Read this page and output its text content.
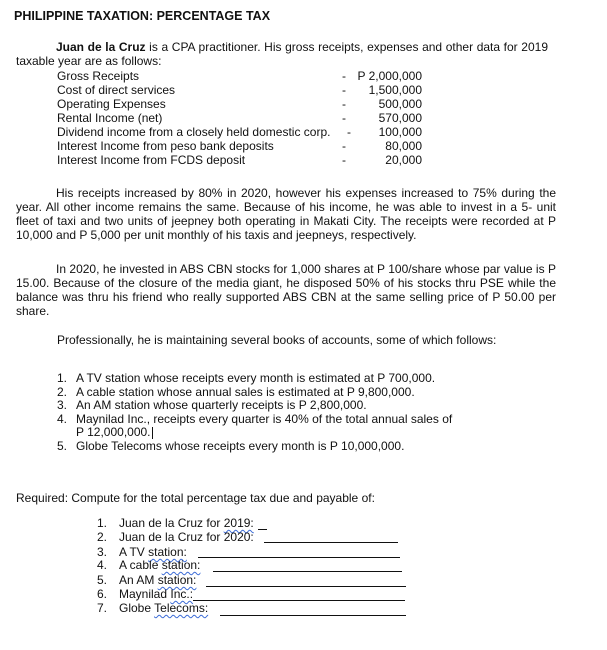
PHILIPPINE TAXATION: PERCENTAGE TAX
Juan de la Cruz is a CPA practitioner. His gross receipts, expenses and other data for 2019 taxable year are as follows:
Gross Receipts	- P 2,000,000
Cost of direct services	-	1,500,000
Operating Expenses	-	500,000
Rental Income (net)	-	570,000
Dividend income from a closely held domestic corp. -	100,000
Interest Income from peso bank deposits	-	80,000
Interest Income from FCDS deposit	-	20,000
His receipts increased by 80% in 2020, however his expenses increased to 75% during the year. All other income remains the same. Because of his income, he was able to invest in a 5- unit fleet of taxi and two units of jeepney both operating in Makati City. The receipts were recorded at P 10,000 and P 5,000 per unit monthly of his taxis and jeepneys, respectively.
In 2020, he invested in ABS CBN stocks for 1,000 shares at P 100/share whose par value is P 15.00. Because of the closure of the media giant, he disposed 50% of his stocks thru PSE while the balance was thru his friend who really supported ABS CBN at the same selling price of P 50.00 per share.
Professionally, he is maintaining several books of accounts, some of which follows:
1. A TV station whose receipts every month is estimated at P 700,000.
2. A cable station whose annual sales is estimated at P 9,800,000.
3. An AM station whose quarterly receipts is P 2,800,000.
4. Maynilad Inc., receipts every quarter is 40% of the total annual sales of
P 12,000,000.
5. Globe Telecoms whose receipts every month is P 10,000,000.
Required: Compute for the total percentage tax due and payable of:
1. Juan de la Cruz for 2019:
2. Juan de la Cruz for 2020:
3. A TV station:
4. A cable station:
5. An AM station:
6. Maynilad Inc.:
7. Globe Telecoms:
